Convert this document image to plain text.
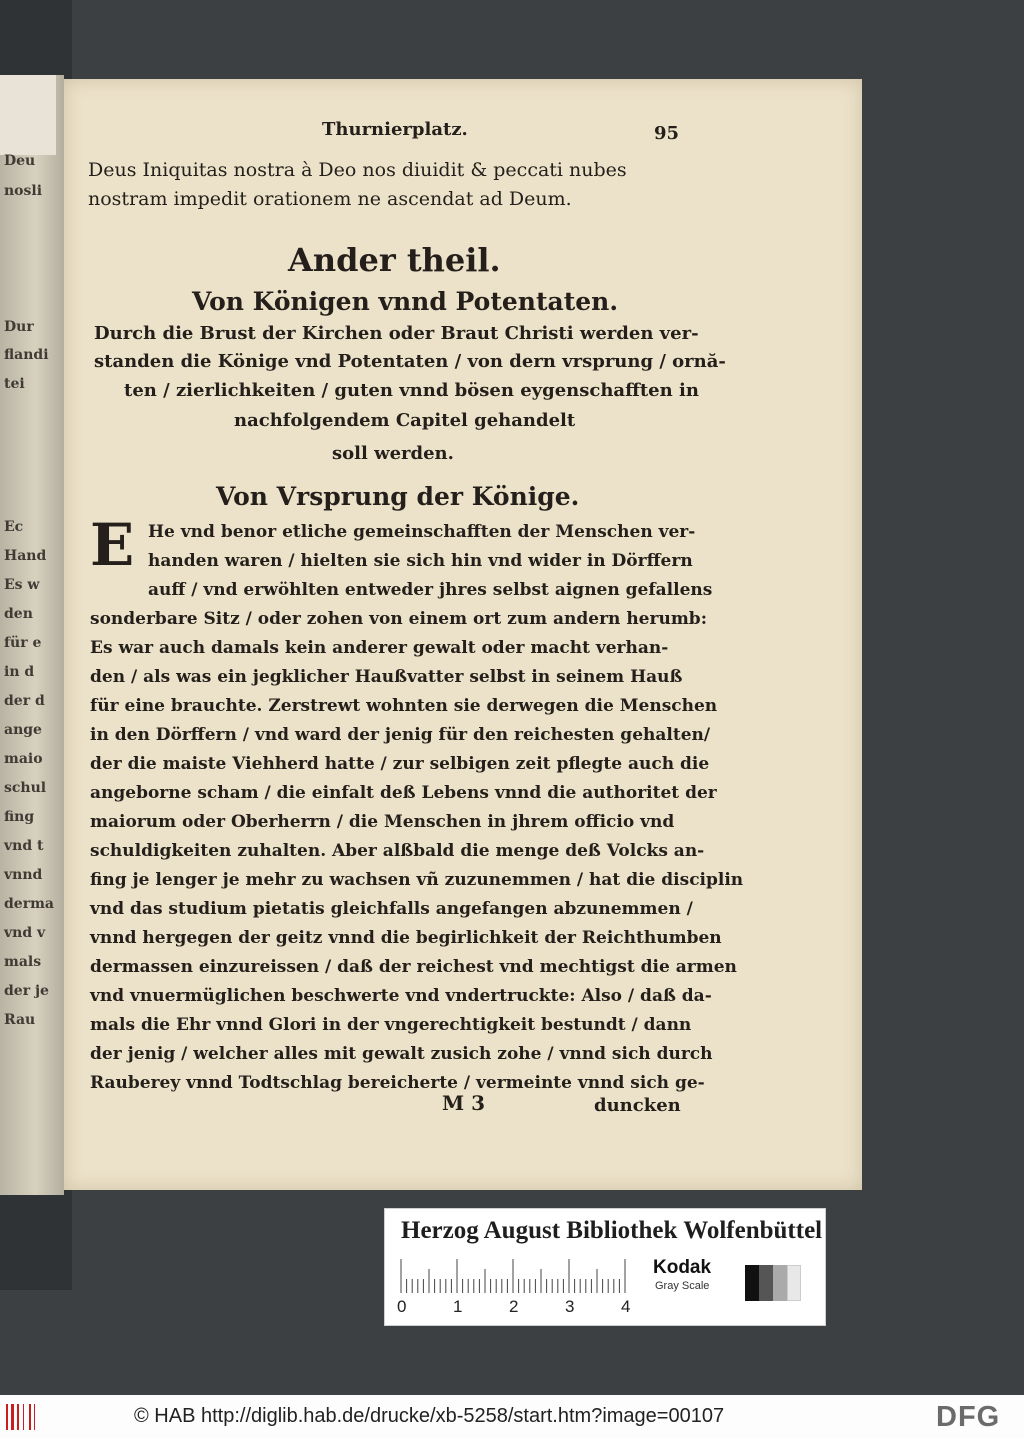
Deu
nosli
Dur
flandi
tei
Ec
Hand
Es w
den
für e
in d
der d
ange
maio
schul
fing
vnd t
vnnd
derma
vnd v
mals
der je
Rau
Thurnierplatz.	95
Deus Iniquitas nostra à Deo nos diuidit & peccati nubes
nostram impedit orationem ne ascendat ad Deum.
Ander theil.
Von Königen vnnd Potentaten.
Durch die Brust der Kirchen oder Braut Christi werden ver-
standen die Könige vnd Potentaten / von dern vrsprung / ornă-
ten / zierlichkeiten / guten vnnd bösen eygenschafften in
nachfolgendem Capitel gehandelt
soll werden.
Von Vrsprung der Könige.
E He vnd benor etliche gemeinschafften der Menschen ver-
handen waren / hielten sie sich hin vnd wider in Dörffern
auff / vnd erwöhlten entweder jhres selbst aignen gefallens
sonderbare Sitz / oder zohen von einem ort zum andern herumb:
Es war auch damals kein anderer gewalt oder macht verhan-
den / als was ein jegklicher Haußvatter selbst in seinem Hauß
für eine brauchte. Zerstrewt wohnten sie derwegen die Menschen
in den Dörffern / vnd ward der jenig für den reichesten gehalten/
der die maiste Viehherd hatte / zur selbigen zeit pflegte auch die
angeborne scham / die einfalt deß Lebens vnnd die authoritet der
maiorum oder Oberherrn / die Menschen in jhrem officio vnd
schuldigkeiten zuhalten. Aber alßbald die menge deß Volcks an-
fing je lenger je mehr zu wachsen vñ zuzunemmen / hat die disciplin
vnd das studium pietatis gleichfalls angefangen abzunemmen /
vnnd hergegen der geitz vnnd die begirlichkeit der Reichthumben
dermassen einzureissen / daß der reichest vnd mechtigst die armen
vnd vnuermüglichen beschwerte vnd vndertruckte: Also / daß da-
mals die Ehr vnnd Glori in der vngerechtigkeit bestundt / dann
der jenig / welcher alles mit gewalt zusich zohe / vnnd sich durch
Rauberey vnnd Todtschlag bereicherte / vermeinte vnnd sich ge-
M 3	duncken
Herzog August Bibliothek Wolfenbüttel
0	1	2	3	4
Kodak
Gray Scale
© HAB http://diglib.hab.de/drucke/xb-5258/start.htm?image=00107	DFG
